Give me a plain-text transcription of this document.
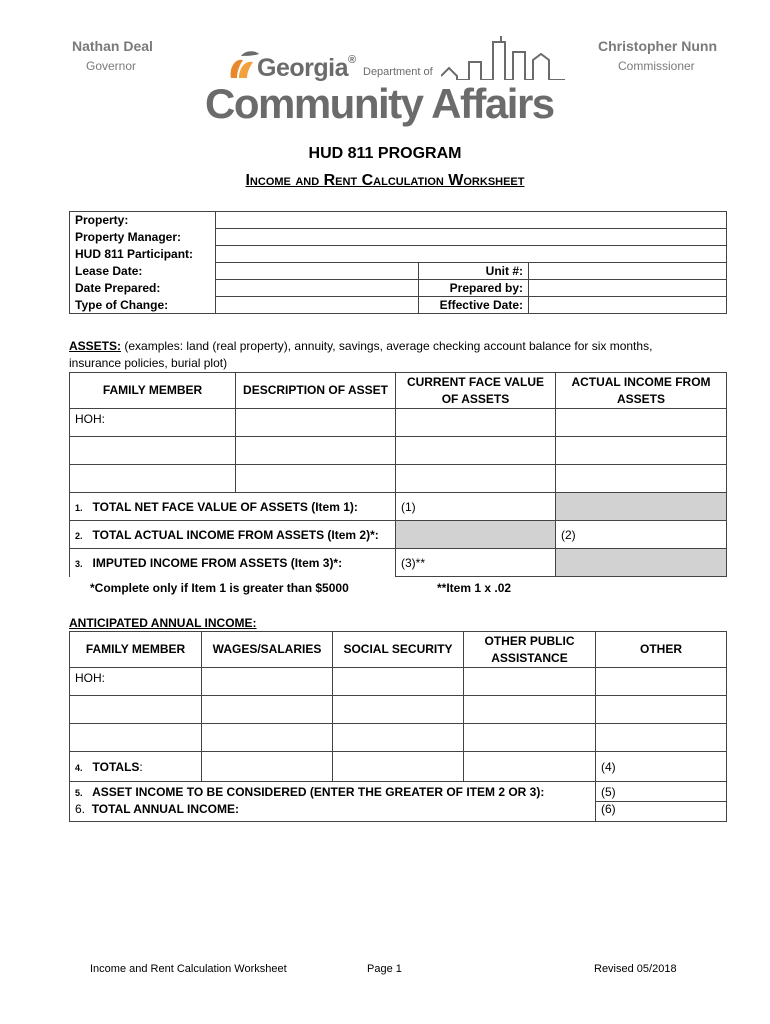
Nathan Deal
Governor
Christopher Nunn
Commissioner
Georgia®
Department of
Community Affairs
HUD 811 PROGRAM
Income and Rent Calculation Worksheet
Property:			
Property Manager:			
HUD 811 Participant:			
Lease Date:		Unit #:	
Date Prepared:		Prepared by:	
Type of Change:		Effective Date:	
ASSETS: (examples: land (real property), annuity, savings, average checking account balance for six months,
insurance policies, burial plot)
FAMILY MEMBER	DESCRIPTION OF ASSET	CURRENT FACE VALUE OF ASSETS	ACTUAL INCOME FROM ASSETS
HOH:			

1. TOTAL NET FACE VALUE OF ASSETS (Item 1):		(1)	
2. TOTAL ACTUAL INCOME FROM ASSETS (Item 2)*:			(2)
3. IMPUTED INCOME FROM ASSETS (Item 3)*:		(3)**	
*Complete only if Item 1 is greater than $5000	**Item 1 x .02
ANTICIPATED ANNUAL INCOME:
FAMILY MEMBER	WAGES/SALARIES	SOCIAL SECURITY	OTHER PUBLIC ASSISTANCE	OTHER
HOH:				

4. TOTALS:				(4)
5. ASSET INCOME TO BE CONSIDERED (ENTER THE GREATER OF ITEM 2 OR 3):				(5)
6. TOTAL ANNUAL INCOME:				(6)
Income and Rent Calculation Worksheet	Page 1	Revised 05/2018
